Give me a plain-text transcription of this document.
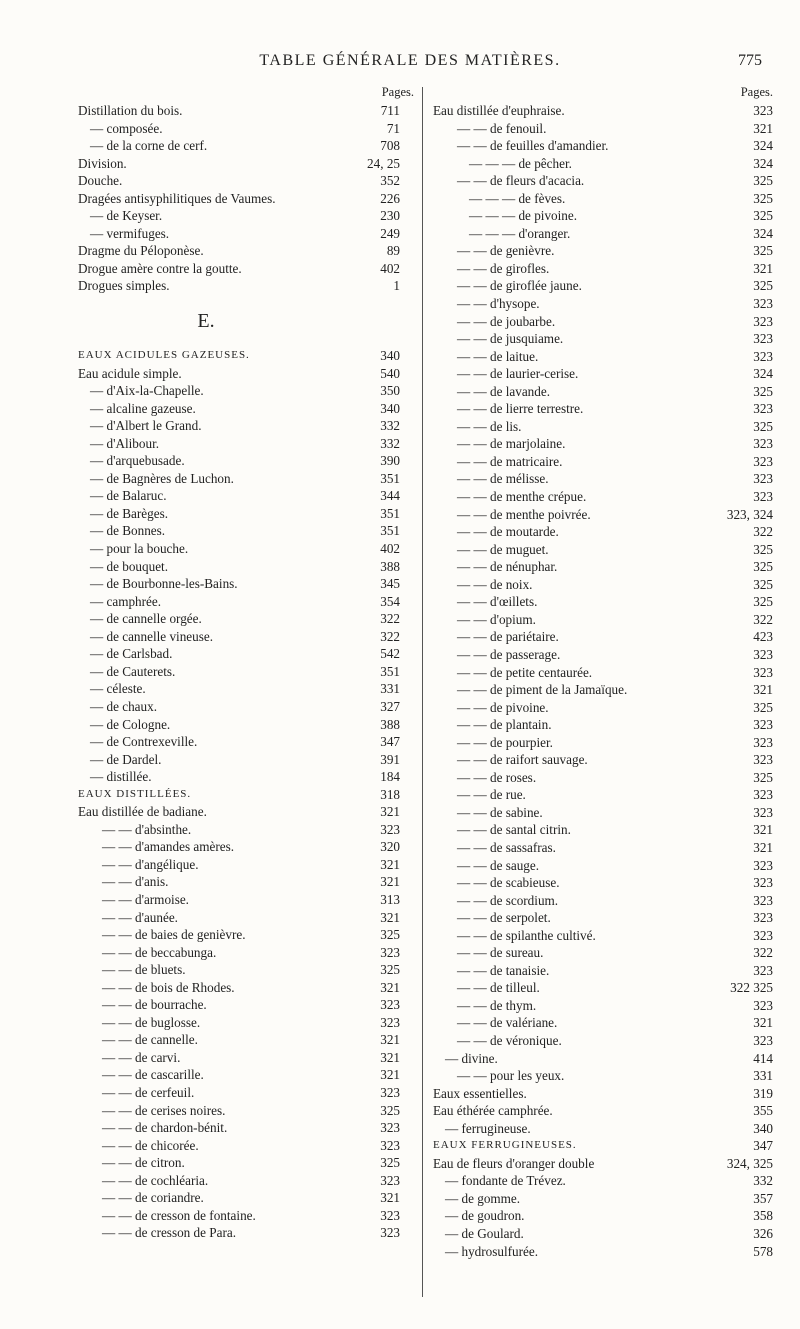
TABLE GÉNÉRALE DES MATIÈRES.	775
Pages.
Distillation du bois.	711
— composée.	71
— de la corne de cerf.	708
Division.	24, 25
Douche.	352
Dragées antisyphilitiques de Vaumes.	226
— de Keyser.	230
— vermifuges.	249
Dragme du Péloponèse.	89
Drogue amère contre la goutte.	402
Drogues simples.	1
E.
EAUX ACIDULES GAZEUSES.	340
Eau acidule simple.	540
— d'Aix-la-Chapelle.	350
— alcaline gazeuse.	340
— d'Albert le Grand.	332
— d'Alibour.	332
— d'arquebusade.	390
— de Bagnères de Luchon.	351
— de Balaruc.	344
— de Barèges.	351
— de Bonnes.	351
— pour la bouche.	402
— de bouquet.	388
— de Bourbonne-les-Bains.	345
— camphrée.	354
— de cannelle orgée.	322
— de cannelle vineuse.	322
— de Carlsbad.	542
— de Cauterets.	351
— céleste.	331
— de chaux.	327
— de Cologne.	388
— de Contrexeville.	347
— de Dardel.	391
— distillée.	184
EAUX DISTILLÉES.	318
Eau distillée de badiane.	321
— — d'absinthe.	323
— — d'amandes amères.	320
— — d'angélique.	321
— — d'anis.	321
— — d'armoise.	313
— — d'aunée.	321
— — de baies de genièvre.	325
— — de beccabunga.	323
— — de bluets.	325
— — de bois de Rhodes.	321
— — de bourrache.	323
— — de buglosse.	323
— — de cannelle.	321
— — de carvi.	321
— — de cascarille.	321
— — de cerfeuil.	323
— — de cerises noires.	325
— — de chardon-bénit.	323
— — de chicorée.	323
— — de citron.	325
— — de cochléaria.	323
— — de coriandre.	321
— — de cresson de fontaine.	323
— — de cresson de Para.	323
Pages.
Eau distillée d'euphraise.	323
— — de fenouil.	321
— — de feuilles d'amandier.	324
— — — de pêcher.	324
— — de fleurs d'acacia.	325
— — — de fèves.	325
— — — de pivoine.	325
— — — d'oranger.	324
— — de genièvre.	325
— — de girofles.	321
— — de giroflée jaune.	325
— — d'hysope.	323
— — de joubarbe.	323
— — de jusquiame.	323
— — de laitue.	323
— — de laurier-cerise.	324
— — de lavande.	325
— — de lierre terrestre.	323
— — de lis.	325
— — de marjolaine.	323
— — de matricaire.	323
— — de mélisse.	323
— — de menthe crépue.	323
— — de menthe poivrée.	323, 324
— — de moutarde.	322
— — de muguet.	325
— — de nénuphar.	325
— — de noix.	325
— — d'œillets.	325
— — d'opium.	322
— — de pariétaire.	423
— — de passerage.	323
— — de petite centaurée.	323
— — de piment de la Jamaïque.	321
— — de pivoine.	325
— — de plantain.	323
— — de pourpier.	323
— — de raifort sauvage.	323
— — de roses.	325
— — de rue.	323
— — de sabine.	323
— — de santal citrin.	321
— — de sassafras.	321
— — de sauge.	323
— — de scabieuse.	323
— — de scordium.	323
— — de serpolet.	323
— — de spilanthe cultivé.	323
— — de sureau.	322
— — de tanaisie.	323
— — de tilleul.	322 325
— — de thym.	323
— — de valériane.	321
— — de véronique.	323
— divine.	414
— — pour les yeux.	331
Eaux essentielles.	319
Eau éthérée camphrée.	355
— ferrugineuse.	340
EAUX FERRUGINEUSES.	347
Eau de fleurs d'oranger double	324, 325
— fondante de Trévez.	332
— de gomme.	357
— de goudron.	358
— de Goulard.	326
— hydrosulfurée.	578
